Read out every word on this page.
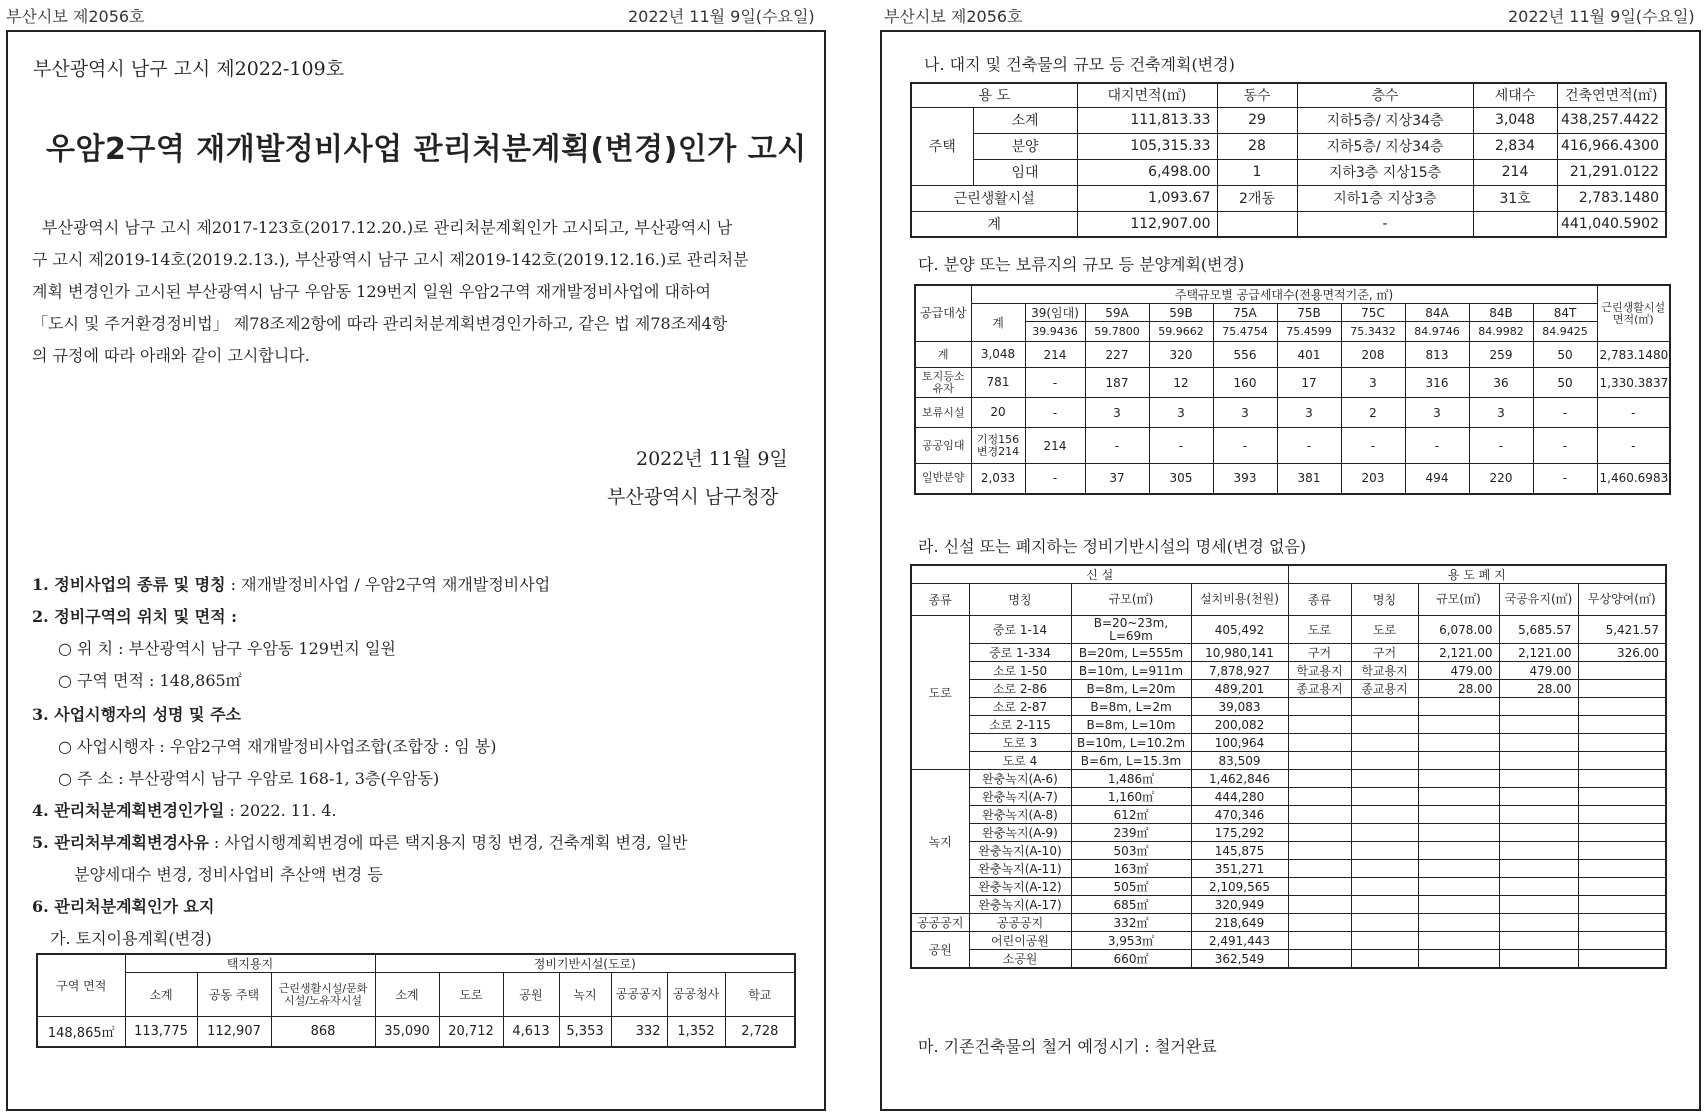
부산시보 제2056호	2022년 11월 9일(수요일)	부산시보 제2056호	2022년 11월 9일(수요일)
부산광역시 남구 고시 제2022-109호
우암2구역 재개발정비사업 관리처분계획(변경)인가 고시
부산광역시 남구 고시 제2017-123호(2017.12.20.)로 관리처분계획인가 고시되고, 부산광역시 남
구 고시 제2019-14호(2019.2.13.), 부산광역시 남구 고시 제2019-142호(2019.12.16.)로 관리처분
계획 변경인가 고시된 부산광역시 남구 우암동 129번지 일원 우암2구역 재개발정비사업에 대하여
「도시 및 주거환경정비법」 제78조제2항에 따라 관리처분계획변경인가하고, 같은 법 제78조제4항
의 규정에 따라 아래와 같이 고시합니다.
2022년 11월 9일
부산광역시 남구청장
1. 정비사업의 종류 및 명칭 : 재개발정비사업 / 우암2구역 재개발정비사업
2. 정비구역의 위치 및 면적 :
○ 위 치 : 부산광역시 남구 우암동 129번지 일원
○ 구역 면적 : 148,865㎡
3. 사업시행자의 성명 및 주소
○ 사업시행자 : 우암2구역 재개발정비사업조합(조합장 : 임 봉)
○ 주 소 : 부산광역시 남구 우암로 168-1, 3층(우암동)
4. 관리처분계획변경인가일 : 2022. 11. 4.
5. 관리처부계획변경사유 : 사업시행계획변경에 따른 택지용지 명칭 변경, 건축계획 변경, 일반
분양세대수 변경, 정비사업비 추산액 변경 등
6. 관리처분계획인가 요지
가. 토지이용계획(변경)
구역 면적	택지용지			정비기반시설(도로)						
	소계	공동 주택	근린생활시설/문화시설/노유자시설	소계	도로	공원	녹지	공공공지	공공청사	학교
148,865㎡	113,775	112,907	868	35,090	20,712	4,613	5,353	332	1,352	2,728
나. 대지 및 건축물의 규모 등 건축계획(변경)
용 도		대지면적(㎡)	동수	층수	세대수	건축연면적(㎡)
주택	소계	111,813.33	29	지하5층/ 지상34층	3,048	438,257.4422
	분양	105,315.33	28	지하5층/ 지상34층	2,834	416,966.4300
	임대	6,498.00	1	지하3층 지상15층	214	21,291.0122
근린생활시설		1,093.67	2개동	지하1층 지상3층	31호	2,783.1480
계		112,907.00		-		441,040.5902
다. 분양 또는 보류지의 규모 등 분양계획(변경)
공급대상	주택규모별 공급세대수(전용면적기준, ㎡)										근린생활시설면적(㎡)
	계	39(임대)	59A	59B	75A	75B	75C	84A	84B	84T	
		39.9436	59.7800	59.9662	75.4754	75.4599	75.3432	84.9746	84.9982	84.9425	
계	3,048	214	227	320	556	401	208	813	259	50	2,783.1480
토지등소유자	781	-	187	12	160	17	3	316	36	50	1,330.3837
보류시설	20	-	3	3	3	3	2	3	3	-	-
공공임대	기정156 변경214	214	-	-	-	-	-	-	-	-	-
일반분양	2,033	-	37	305	393	381	203	494	220	-	1,460.6983
라. 신설 또는 폐지하는 정비기반시설의 명세(변경 없음)
신 설				용 도 폐 지				
종류	명칭	규모(㎡)	설치비용(천원)	종류	명칭	규모(㎡)	국공유지(㎡)	무상양여(㎡)
도로	중로 1-14	B=20~23m, L=69m	405,492	도로	도로	6,078.00	5,685.57	5,421.57
	중로 1-334	B=20m, L=555m	10,980,141	구거	구거	2,121.00	2,121.00	326.00
	소로 1-50	B=10m, L=911m	7,878,927	학교용지	학교용지	479.00	479.00	
	소로 2-86	B=8m, L=20m	489,201	종교용지	종교용지	28.00	28.00	
	소로 2-87	B=8m, L=2m	39,083					
	소로 2-115	B=8m, L=10m	200,082					
	도로 3	B=10m, L=10.2m	100,964					
	도로 4	B=6m, L=15.3m	83,509					
녹지	완충녹지(A-6)	1,486㎡	1,462,846					
	완충녹지(A-7)	1,160㎡	444,280					
	완충녹지(A-8)	612㎡	470,346					
	완충녹지(A-9)	239㎡	175,292					
	완충녹지(A-10)	503㎡	145,875					
	완충녹지(A-11)	163㎡	351,271					
	완충녹지(A-12)	505㎡	2,109,565					
	완충녹지(A-17)	685㎡	320,949					
공공공지	공공공지	332㎡	218,649					
공원	어린이공원	3,953㎡	2,491,443					
	소공원	660㎡	362,549					
마. 기존건축물의 철거 예정시기 : 철거완료
